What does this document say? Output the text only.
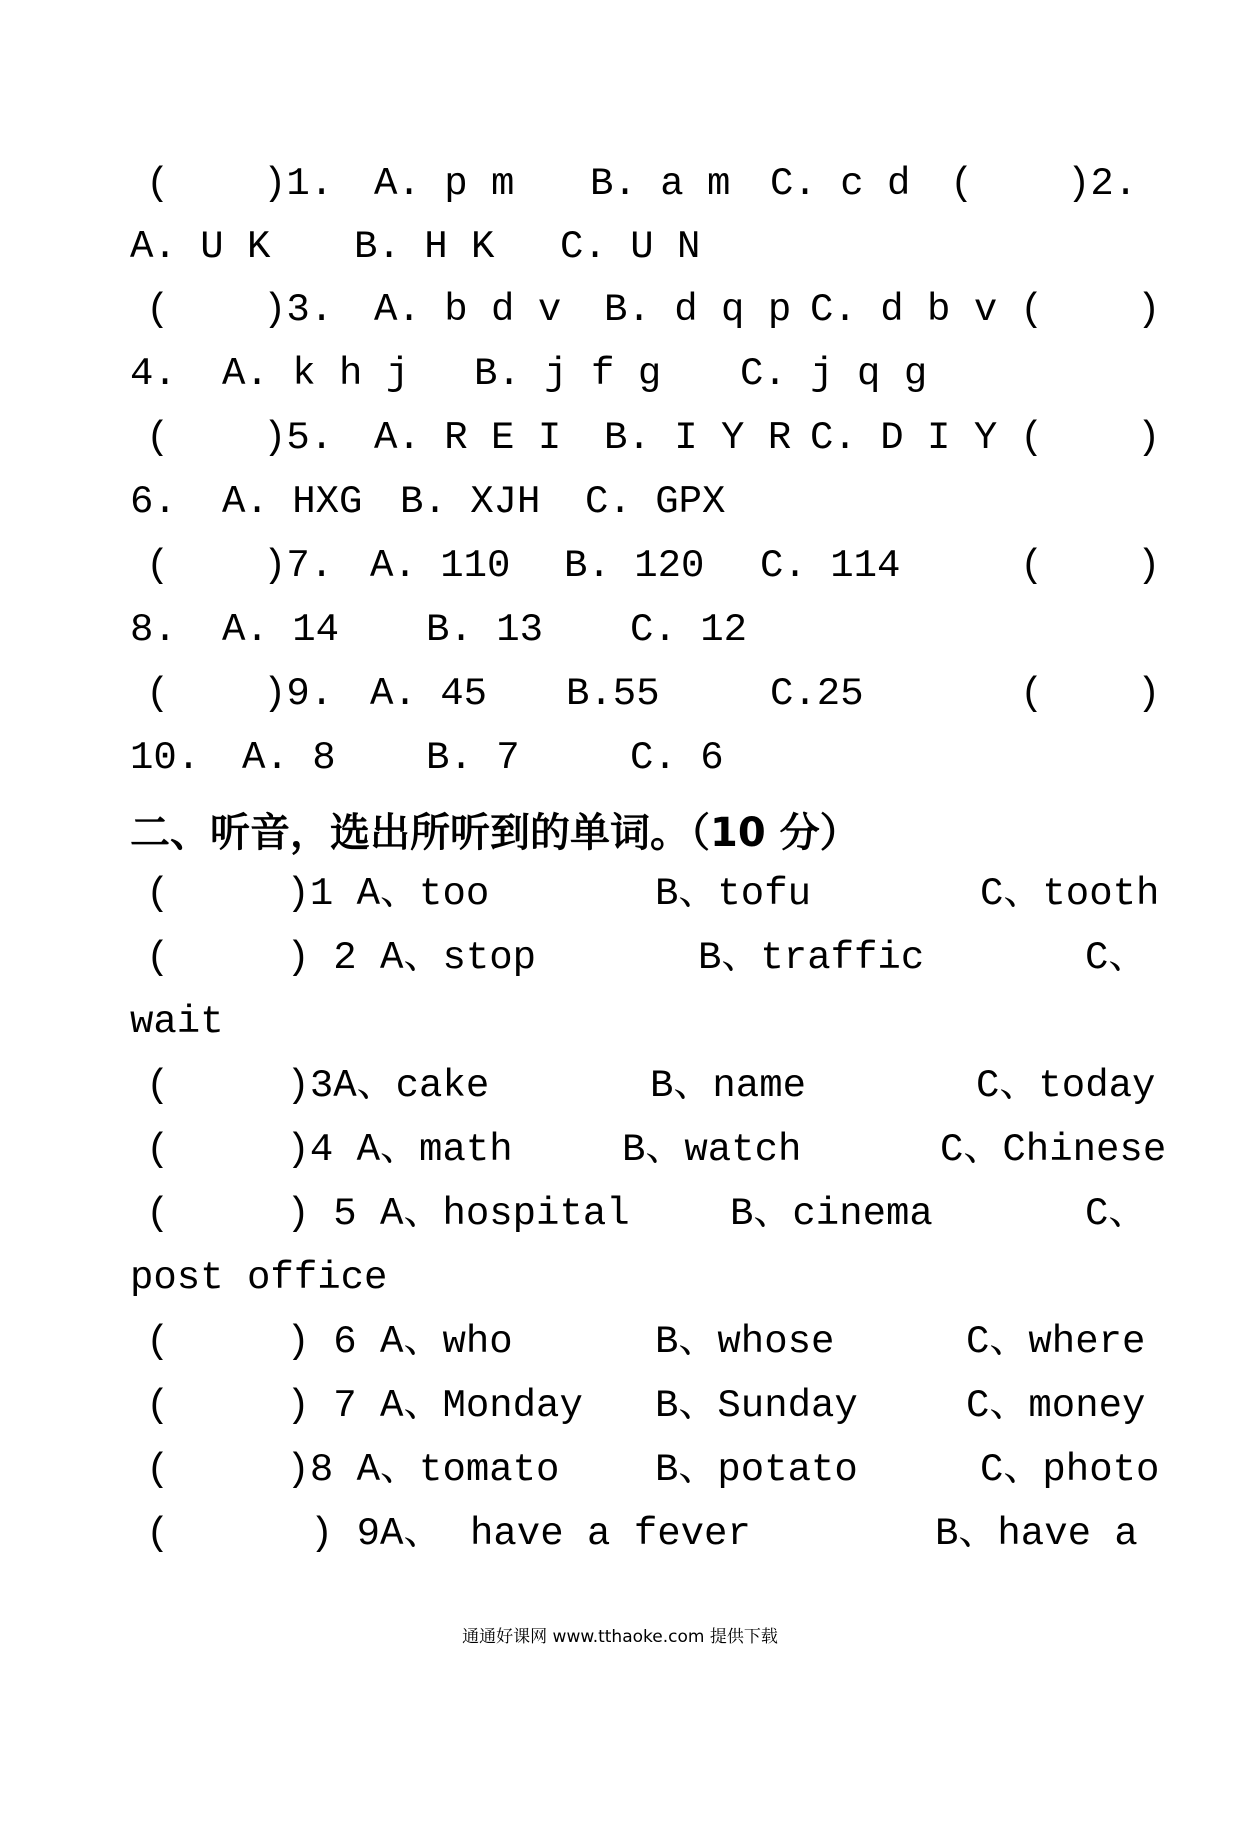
(    )1.

A. p m

B. a m

C. c d

(    )2.

A. U K

B. H K

C. U N

(    )3.

A. b d v

B. d q p

C. d b v

(    )

4.

A. k h j

B. j f g

C. j q g

(    )5.

A. R E I

B. I Y R

C. D I Y

(    )

6.

A. HXG

B. XJH

C. GPX

(    )7.

A. 110

B. 120

C. 114

	(    )

8.

A. 14

B. 13

C. 12

(    )9.

A. 45

B.55

	C.25

	(    )

10.

A. 8

B. 7

	C. 6

二、听音，选出所听到的单词。（10 分）

(     )1 A、too

	B、tofu

	C、tooth

(     ) 2 A、stop

	B、traffic

	C、

wait

(     )3A、cake

	B、name

	C、today

(     )4 A、math

	B、watch

	C、Chinese

(     ) 5 A、hospital

	B、cinema

	C、

post office

(     ) 6 A、who

	B、whose

	C、where

(     ) 7 A、Monday

B、Sunday

	C、money

(     )8 A、tomato

B、potato

	C、photo

(      ) 9A、

have a fever

	B、have a

通通好课网 www.tthaoke.com 提供下载
